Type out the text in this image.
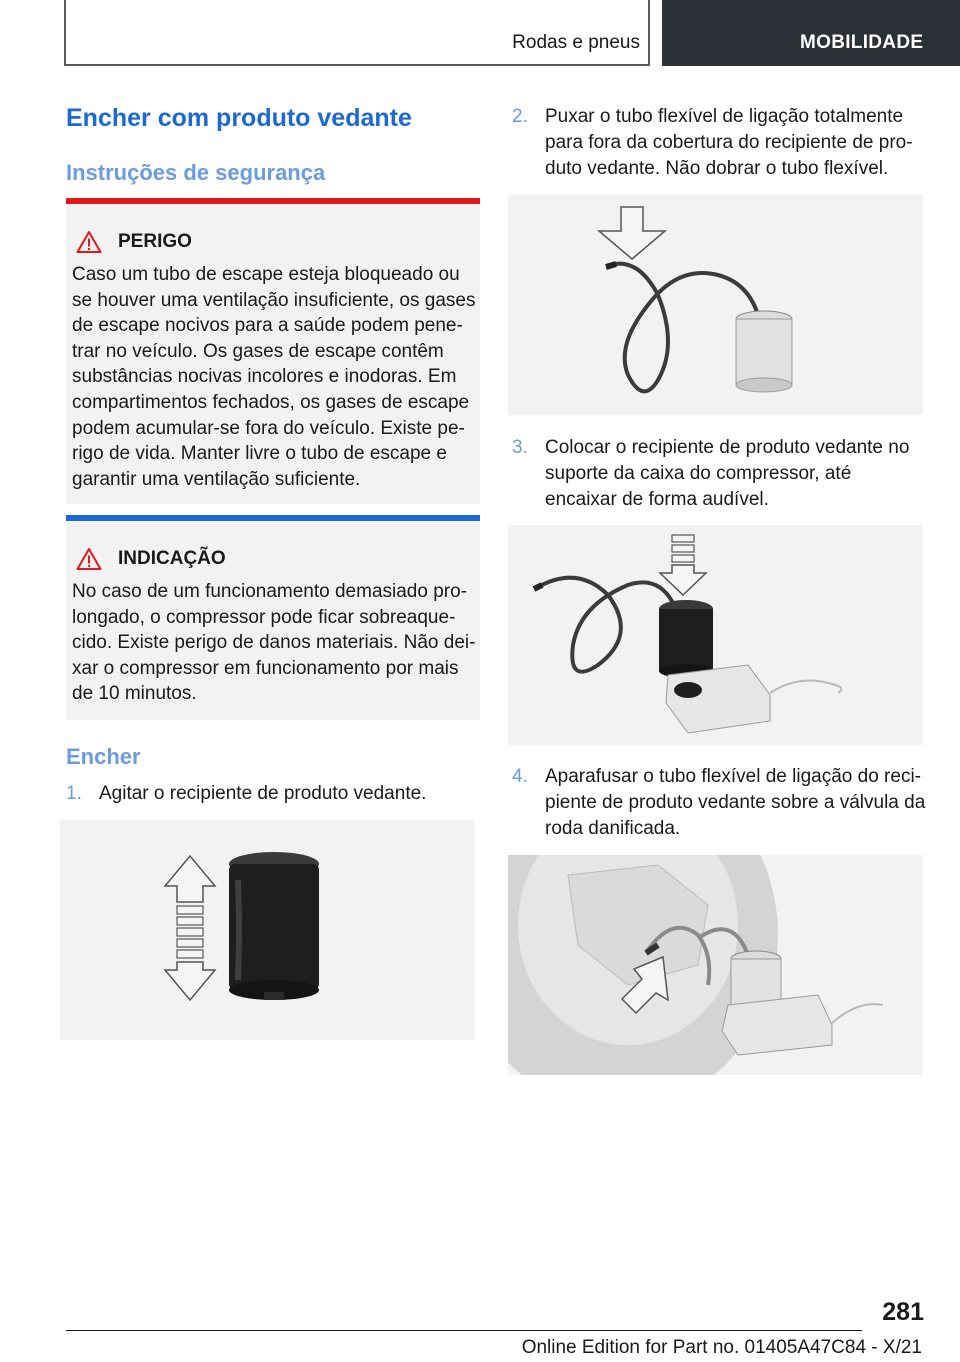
Rodas e pneus	MOBILIDADE
Encher com produto vedante
Instruções de segurança
PERIGO
Caso um tubo de escape esteja bloqueado ou se houver uma ventilação insuficiente, os gases de escape nocivos para a saúde podem penetrar no veículo. Os gases de escape contêm substâncias nocivas incolores e inodoras. Em compartimentos fechados, os gases de escape podem acumular-se fora do veículo. Existe perigo de vida. Manter livre o tubo de escape e garantir uma ventilação suficiente.
INDICAÇÃO
No caso de um funcionamento demasiado prolongado, o compressor pode ficar sobreaquecido. Existe perigo de danos materiais. Não deixar o compressor em funcionamento por mais de 10 minutos.
Encher
1. Agitar o recipiente de produto vedante.
2. Puxar o tubo flexível de ligação totalmente para fora da cobertura do recipiente de produto vedante. Não dobrar o tubo flexível.
3. Colocar o recipiente de produto vedante no suporte da caixa do compressor, até encaixar de forma audível.
4. Aparafusar o tubo flexível de ligação do recipiente de produto vedante sobre a válvula da roda danificada.
281
Online Edition for Part no. 01405A47C84 - X/21
